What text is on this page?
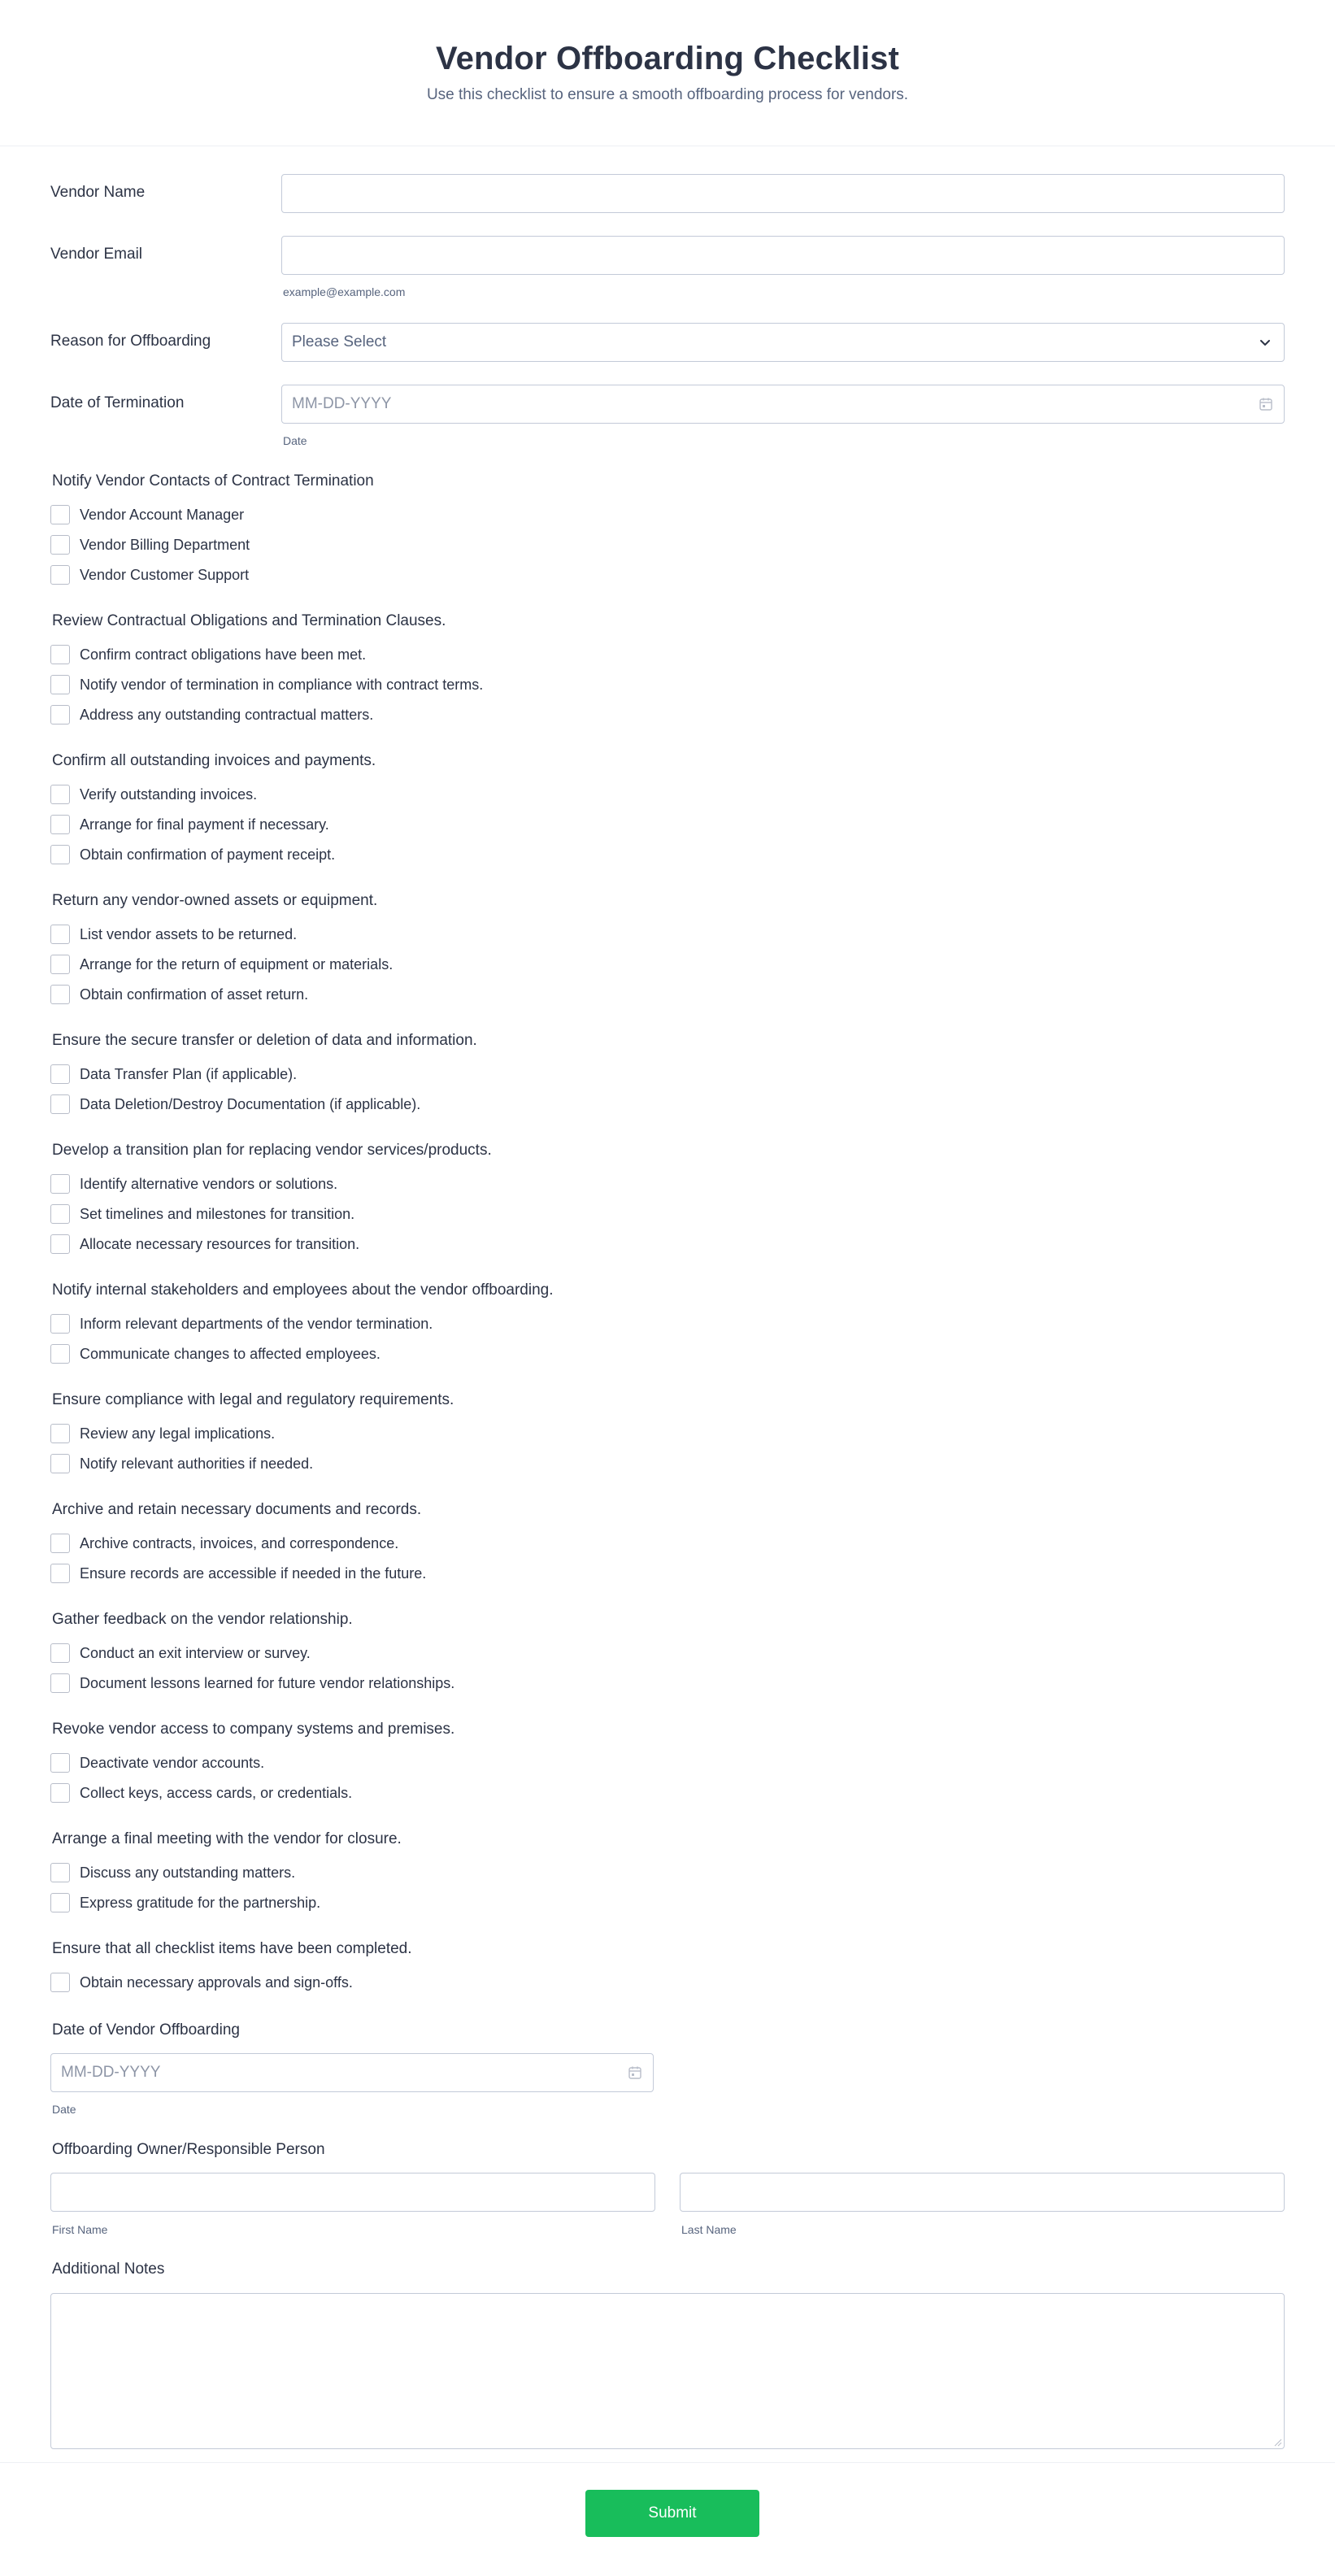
Vendor Offboarding Checklist

Use this checklist to ensure a smooth offboarding process for vendors.

Vendor Name
Vendor Email
example@example.com
Reason for Offboarding	Please Select
Date of Termination	MM-DD-YYYY
Date
Notify Vendor Contacts of Contract Termination
Vendor Account Manager
Vendor Billing Department
Vendor Customer Support
Review Contractual Obligations and Termination Clauses.
Confirm contract obligations have been met.
Notify vendor of termination in compliance with contract terms.
Address any outstanding contractual matters.
Confirm all outstanding invoices and payments.
Verify outstanding invoices.
Arrange for final payment if necessary.
Obtain confirmation of payment receipt.
Return any vendor-owned assets or equipment.
List vendor assets to be returned.
Arrange for the return of equipment or materials.
Obtain confirmation of asset return.
Ensure the secure transfer or deletion of data and information.
Data Transfer Plan (if applicable).
Data Deletion/Destroy Documentation (if applicable).
Develop a transition plan for replacing vendor services/products.
Identify alternative vendors or solutions.
Set timelines and milestones for transition.
Allocate necessary resources for transition.
Notify internal stakeholders and employees about the vendor offboarding.
Inform relevant departments of the vendor termination.
Communicate changes to affected employees.
Ensure compliance with legal and regulatory requirements.
Review any legal implications.
Notify relevant authorities if needed.
Archive and retain necessary documents and records.
Archive contracts, invoices, and correspondence.
Ensure records are accessible if needed in the future.
Gather feedback on the vendor relationship.
Conduct an exit interview or survey.
Document lessons learned for future vendor relationships.
Revoke vendor access to company systems and premises.
Deactivate vendor accounts.
Collect keys, access cards, or credentials.
Arrange a final meeting with the vendor for closure.
Discuss any outstanding matters.
Express gratitude for the partnership.
Ensure that all checklist items have been completed.
Obtain necessary approvals and sign-offs.
Date of Vendor Offboarding
MM-DD-YYYY
Date
Offboarding Owner/Responsible Person
First Name	Last Name
Additional Notes
Submit
